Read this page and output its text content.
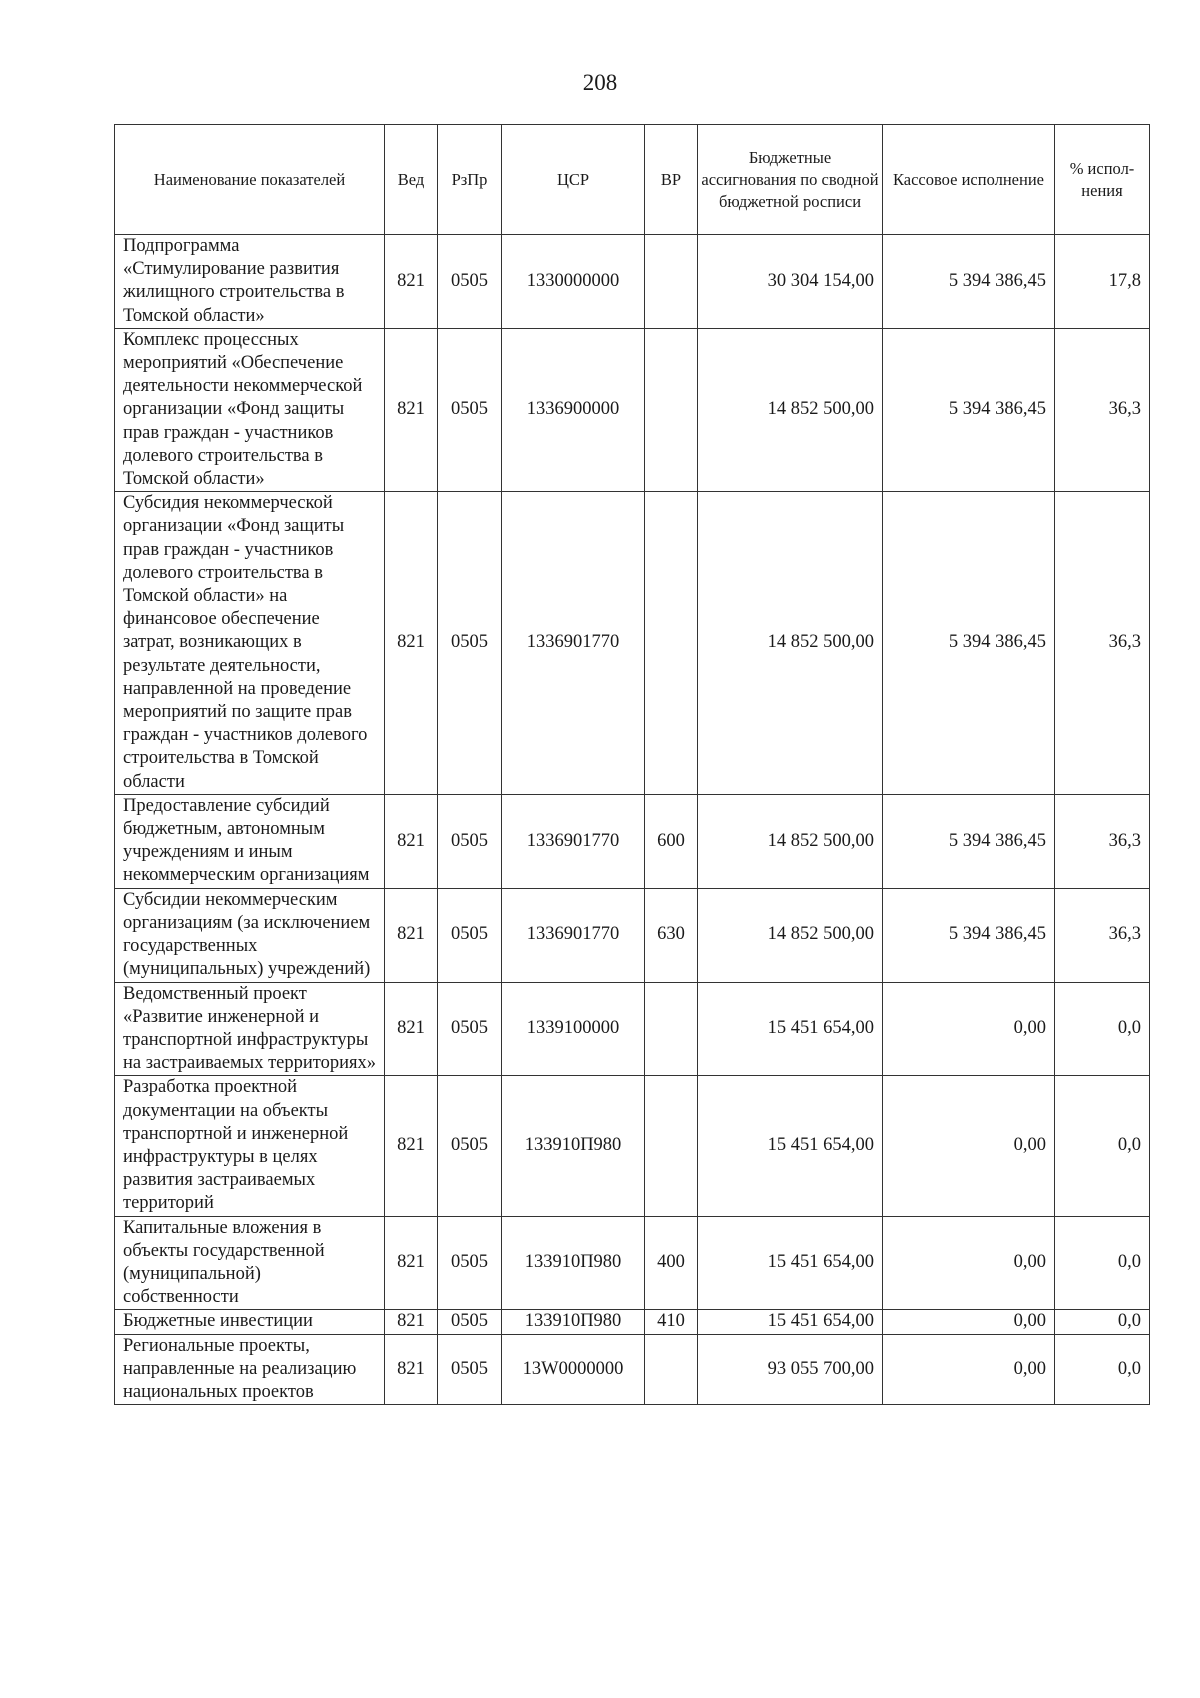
208
Наименование показателей	Вед	РзПр	ЦСР	ВР	Бюджетные ассигнования по сводной бюджетной росписи	Кассовое исполнение	% испол-нения
Подпрограмма «Стимулирование развития жилищного строительства в Томской области»	821	0505	1330000000		30 304 154,00	5 394 386,45	17,8
Комплекс процессных мероприятий «Обеспечение деятельности некоммерческой организации «Фонд защиты прав граждан - участников долевого строительства в Томской области»	821	0505	1336900000		14 852 500,00	5 394 386,45	36,3
Субсидия некоммерческой организации «Фонд защиты прав граждан - участников долевого строительства в Томской области» на финансовое обеспечение затрат, возникающих в результате деятельности, направленной на проведение мероприятий по защите прав граждан - участников долевого строительства в Томской области	821	0505	1336901770		14 852 500,00	5 394 386,45	36,3
Предоставление субсидий бюджетным, автономным учреждениям и иным некоммерческим организациям	821	0505	1336901770	600	14 852 500,00	5 394 386,45	36,3
Субсидии некоммерческим организациям (за исключением государственных (муниципальных) учреждений)	821	0505	1336901770	630	14 852 500,00	5 394 386,45	36,3
Ведомственный проект «Развитие инженерной и транспортной инфраструктуры на застраиваемых территориях»	821	0505	1339100000		15 451 654,00	0,00	0,0
Разработка проектной документации на объекты транспортной и инженерной инфраструктуры в целях развития застраиваемых территорий	821	0505	133910П980		15 451 654,00	0,00	0,0
Капитальные вложения в объекты государственной (муниципальной) собственности	821	0505	133910П980	400	15 451 654,00	0,00	0,0
Бюджетные инвестиции	821	0505	133910П980	410	15 451 654,00	0,00	0,0
Региональные проекты, направленные на реализацию национальных проектов	821	0505	13W0000000		93 055 700,00	0,00	0,0
